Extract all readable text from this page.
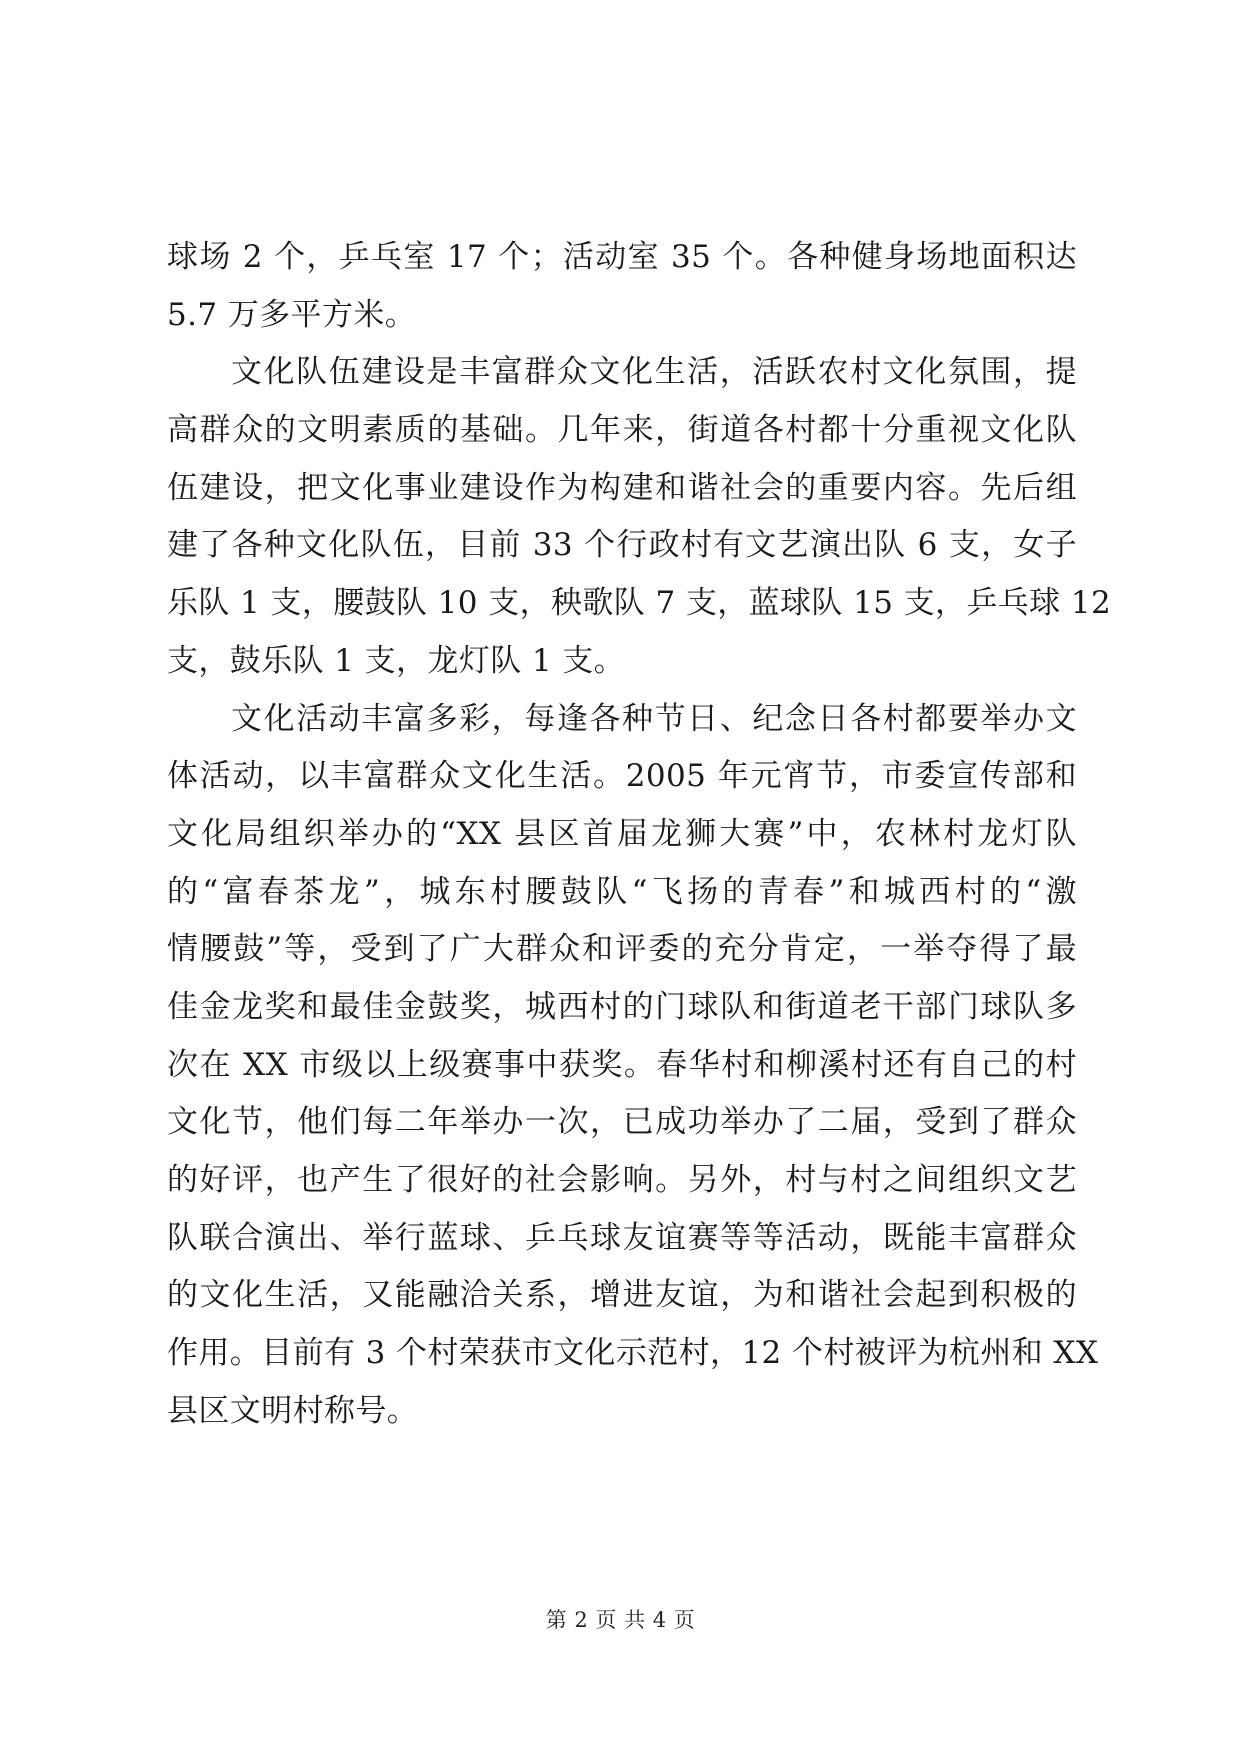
球场 2 个，乒乓室 17 个；活动室 35 个。各种健身场地面积达
5.7 万多平方米。
文化队伍建设是丰富群众文化生活，活跃农村文化氛围，提
高群众的文明素质的基础。几年来，街道各村都十分重视文化队
伍建设，把文化事业建设作为构建和谐社会的重要内容。先后组
建了各种文化队伍，目前 33 个行政村有文艺演出队 6 支，女子
乐队 1 支，腰鼓队 10 支，秧歌队 7 支，蓝球队 15 支，乒乓球 12
支，鼓乐队 1 支，龙灯队 1 支。
文化活动丰富多彩，每逢各种节日、纪念日各村都要举办文
体活动，以丰富群众文化生活。2005 年元宵节，市委宣传部和
文化局组织举办的“XX 县区首届龙狮大赛”中，农林村龙灯队
的“富春茶龙”，城东村腰鼓队“飞扬的青春”和城西村的“激
情腰鼓”等，受到了广大群众和评委的充分肯定，一举夺得了最
佳金龙奖和最佳金鼓奖，城西村的门球队和街道老干部门球队多
次在 XX 市级以上级赛事中获奖。春华村和柳溪村还有自己的村
文化节，他们每二年举办一次，已成功举办了二届，受到了群众
的好评，也产生了很好的社会影响。另外，村与村之间组织文艺
队联合演出、举行蓝球、乒乓球友谊赛等等活动，既能丰富群众
的文化生活，又能融洽关系，增进友谊，为和谐社会起到积极的
作用。目前有 3 个村荣获市文化示范村，12 个村被评为杭州和 XX
县区文明村称号。
第 2 页 共 4 页
